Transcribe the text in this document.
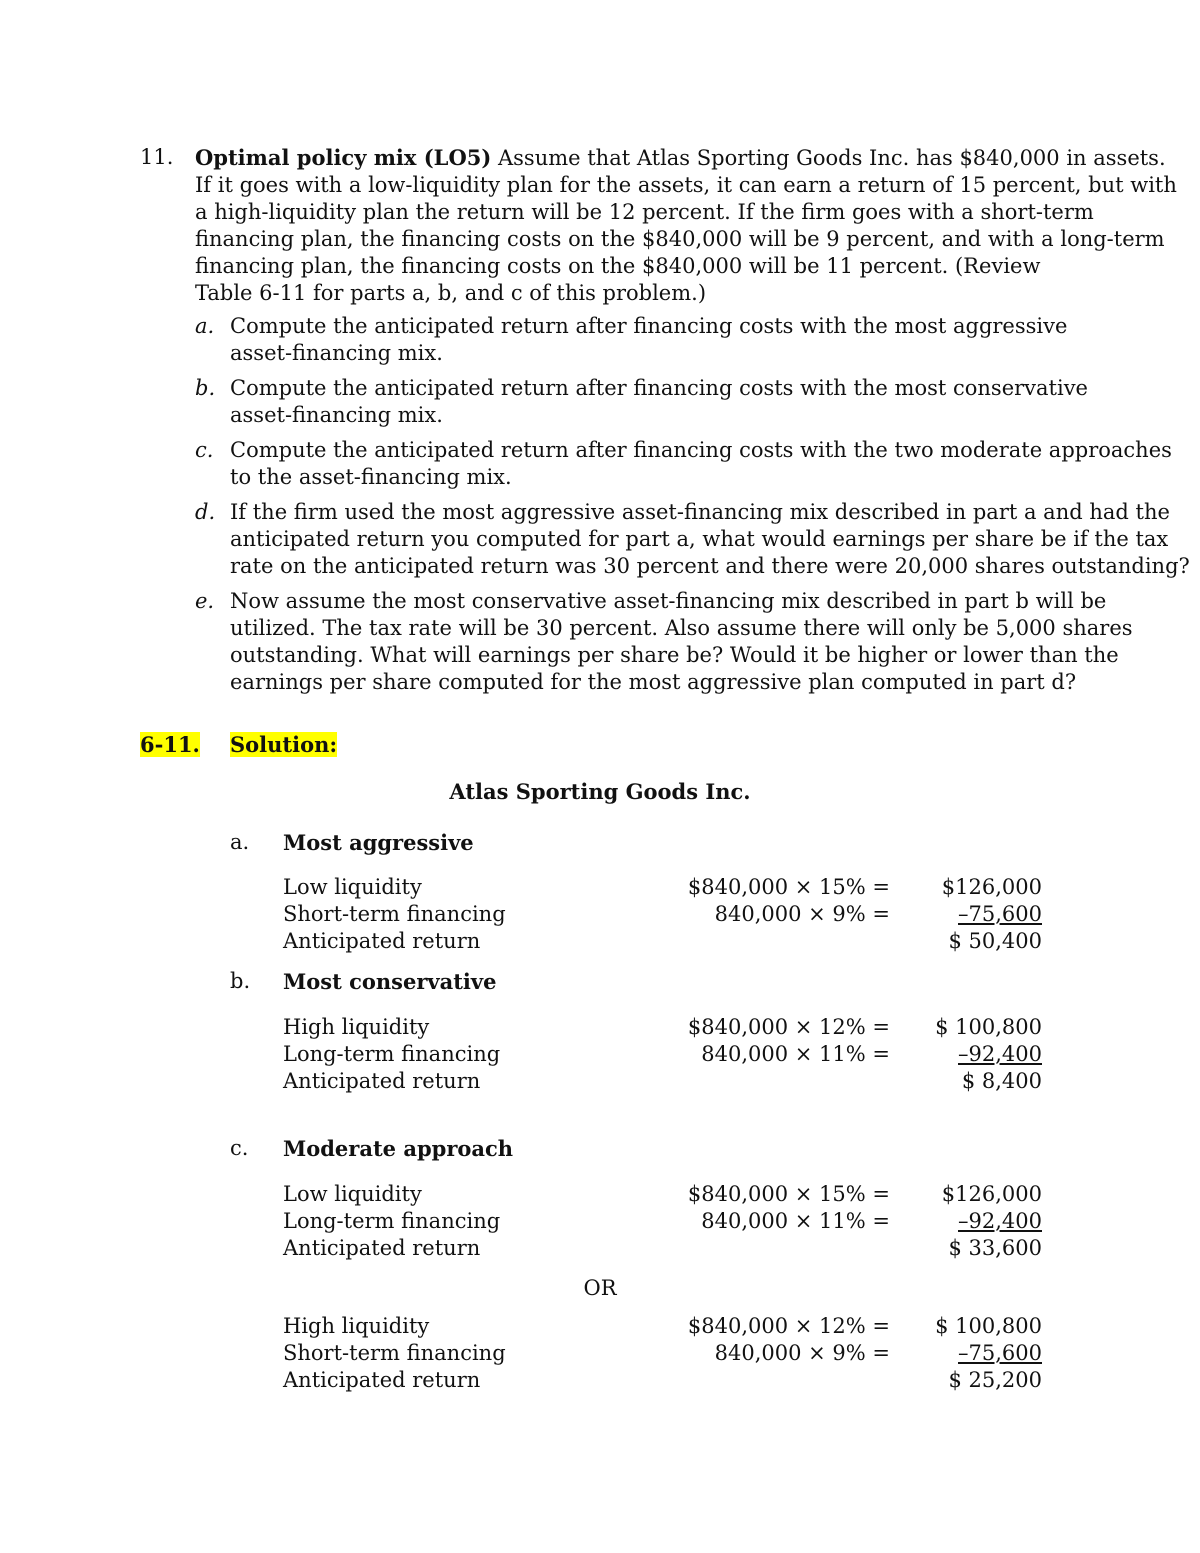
11. Optimal policy mix (LO5) Assume that Atlas Sporting Goods Inc. has $840,000 in assets.
If it goes with a low-liquidity plan for the assets, it can earn a return of 15 percent, but with
a high-liquidity plan the return will be 12 percent. If the firm goes with a short-term
financing plan, the financing costs on the $840,000 will be 9 percent, and with a long-term
financing plan, the financing costs on the $840,000 will be 11 percent. (Review
Table 6-11 for parts a, b, and c of this problem.)
a. Compute the anticipated return after financing costs with the most aggressive
asset-financing mix.
b. Compute the anticipated return after financing costs with the most conservative
asset-financing mix.
c. Compute the anticipated return after financing costs with the two moderate approaches
to the asset-financing mix.
d. If the firm used the most aggressive asset-financing mix described in part a and had the
anticipated return you computed for part a, what would earnings per share be if the tax
rate on the anticipated return was 30 percent and there were 20,000 shares outstanding?
e. Now assume the most conservative asset-financing mix described in part b will be
utilized. The tax rate will be 30 percent. Also assume there will only be 5,000 shares
outstanding. What will earnings per share be? Would it be higher or lower than the
earnings per share computed for the most aggressive plan computed in part d?
6-11. Solution:
Atlas Sporting Goods Inc.
a. Most aggressive
Low liquidity	$840,000 × 15% =	$126,000
Short-term financing	840,000 × 9% =	–75,600
Anticipated return	$ 50,400
b. Most conservative
High liquidity	$840,000 × 12% =	$ 100,800
Long-term financing	840,000 × 11% =	–92,400
Anticipated return	$ 8,400
c. Moderate approach
Low liquidity	$840,000 × 15% =	$126,000
Long-term financing	840,000 × 11% =	–92,400
Anticipated return	$ 33,600
OR
High liquidity	$840,000 × 12% =	$ 100,800
Short-term financing	840,000 × 9% =	–75,600
Anticipated return	$ 25,200
